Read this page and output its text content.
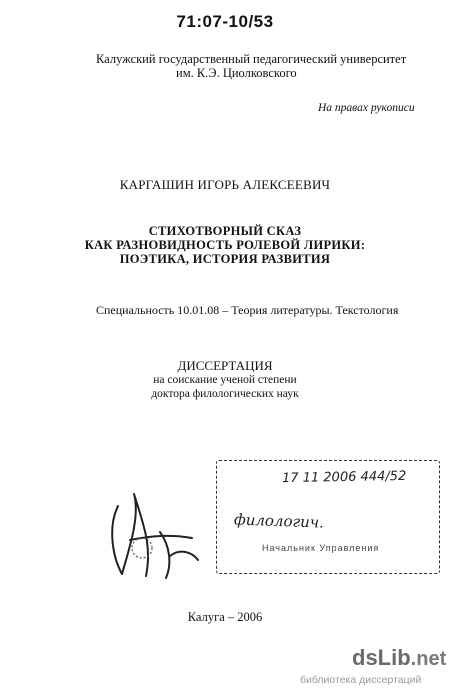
71:07-10/53
Калужский государственный педагогический университет
им. К.Э. Циолковского
На правах рукописи
КАРГАШИН ИГОРЬ АЛЕКСЕЕВИЧ
СТИХОТВОРНЫЙ СКАЗ
КАК РАЗНОВИДНОСТЬ РОЛЕВОЙ ЛИРИКИ:
ПОЭТИКА, ИСТОРИЯ РАЗВИТИЯ
Специальность 10.01.08 – Теория литературы. Текстология
ДИССЕРТАЦИЯ
на соискание ученой степени
доктора филологических наук
17 11 2006 444/52
филологич.
Начальник Управления
Калуга – 2006
dsLib.net
библиотека диссертаций
